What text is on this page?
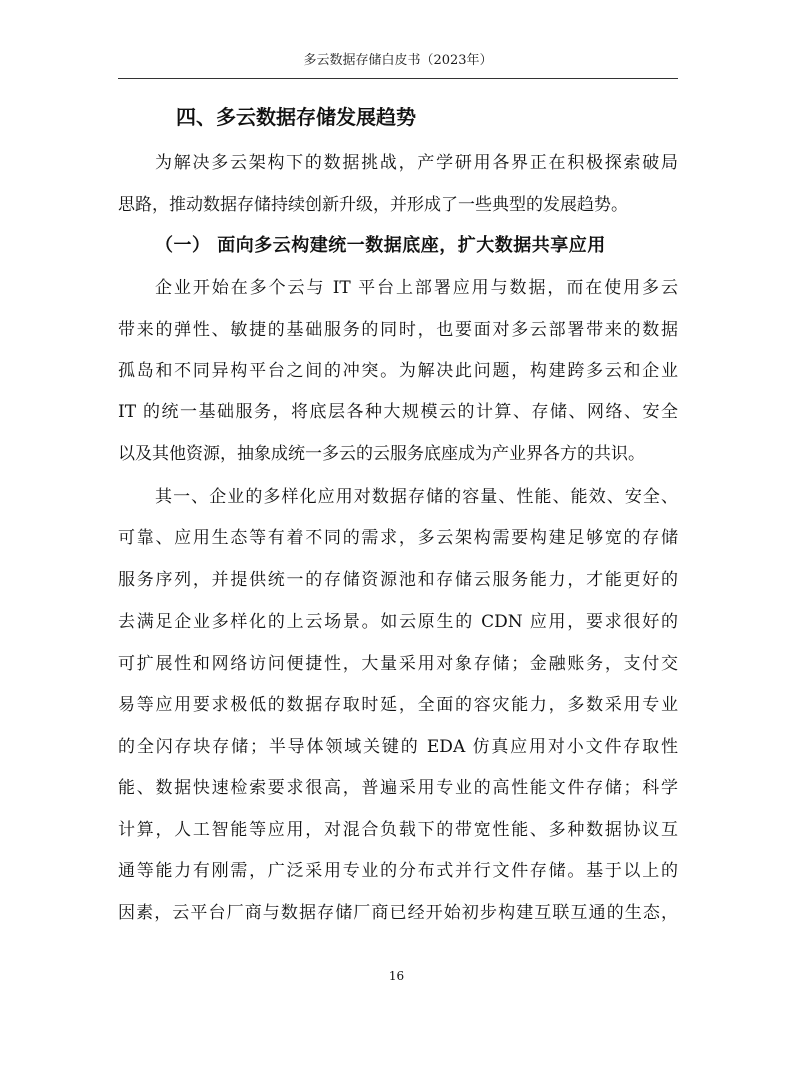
多云数据存储白皮书（2023年）
四、多云数据存储发展趋势
为解决多云架构下的数据挑战，产学研用各界正在积极探索破局
思路，推动数据存储持续创新升级，并形成了一些典型的发展趋势。
（一） 面向多云构建统一数据底座，扩大数据共享应用
企业开始在多个云与 IT 平台上部署应用与数据，而在使用多云
带来的弹性、敏捷的基础服务的同时，也要面对多云部署带来的数据
孤岛和不同异构平台之间的冲突。为解决此问题，构建跨多云和企业
IT 的统一基础服务，将底层各种大规模云的计算、存储、网络、安全
以及其他资源，抽象成统一多云的云服务底座成为产业界各方的共识。
其一、企业的多样化应用对数据存储的容量、性能、能效、安全、
可靠、应用生态等有着不同的需求，多云架构需要构建足够宽的存储
服务序列，并提供统一的存储资源池和存储云服务能力，才能更好的
去满足企业多样化的上云场景。如云原生的 CDN 应用，要求很好的
可扩展性和网络访问便捷性，大量采用对象存储；金融账务，支付交
易等应用要求极低的数据存取时延，全面的容灾能力，多数采用专业
的全闪存块存储；半导体领域关键的 EDA 仿真应用对小文件存取性
能、数据快速检索要求很高，普遍采用专业的高性能文件存储；科学
计算，人工智能等应用，对混合负载下的带宽性能、多种数据协议互
通等能力有刚需，广泛采用专业的分布式并行文件存储。基于以上的
因素，云平台厂商与数据存储厂商已经开始初步构建互联互通的生态，
16
